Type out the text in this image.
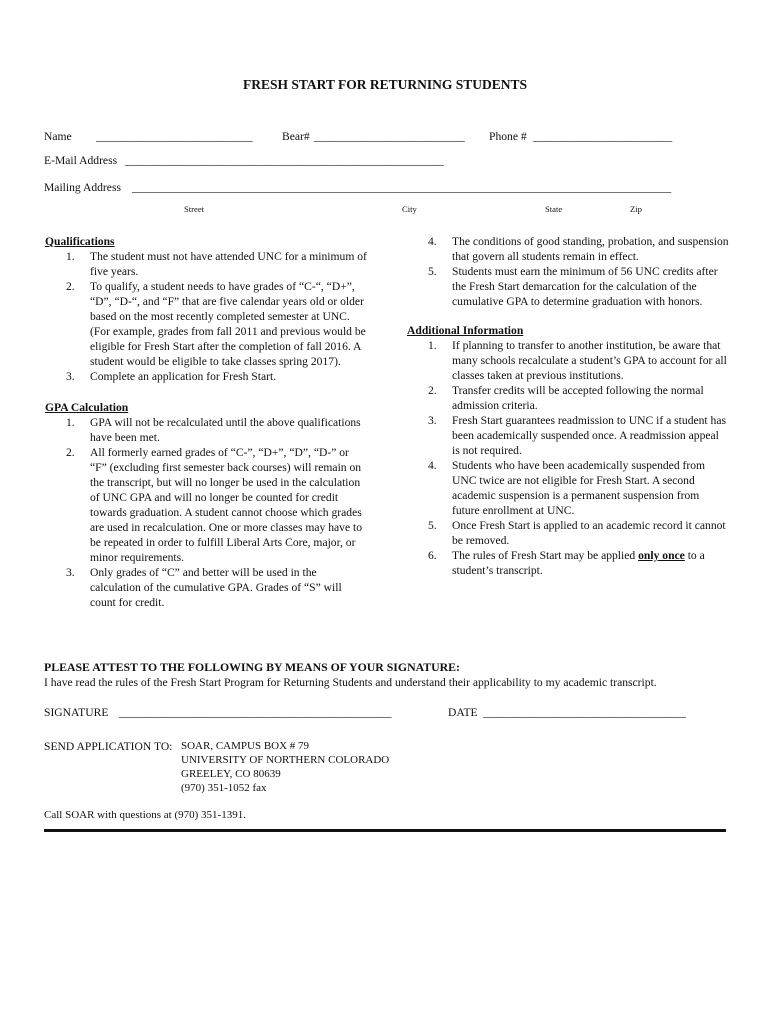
FRESH START FOR RETURNING STUDENTS
Name ___________________________	Bear# __________________________ Phone # ________________________
E-Mail Address _______________________________________________________
Mailing Address _____________________________________________________________________________________________
Street	City	State	Zip
Qualifications
1. The student must not have attended UNC for a minimum of five years.
2. To qualify, a student needs to have grades of “C-“, “D+”, “D”, “D-“, and “F” that are five calendar years old or older based on the most recently completed semester at UNC. (For example, grades from fall 2011 and previous would be eligible for Fresh Start after the completion of fall 2016. A student would be eligible to take classes spring 2017).
3. Complete an application for Fresh Start.
GPA Calculation
1. GPA will not be recalculated until the above qualifications have been met.
2. All formerly earned grades of “C-”, “D+”, “D”, “D-” or “F” (excluding first semester back courses) will remain on the transcript, but will no longer be used in the calculation of UNC GPA and will no longer be counted for credit towards graduation. A student cannot choose which grades are used in recalculation. One or more classes may have to be repeated in order to fulfill Liberal Arts Core, major, or minor requirements.
3. Only grades of “C” and better will be used in the calculation of the cumulative GPA. Grades of “S” will count for credit.
4. The conditions of good standing, probation, and suspension that govern all students remain in effect.
5. Students must earn the minimum of 56 UNC credits after the Fresh Start demarcation for the calculation of the cumulative GPA to determine graduation with honors.
Additional Information
1. If planning to transfer to another institution, be aware that many schools recalculate a student’s GPA to account for all classes taken at previous institutions.
2. Transfer credits will be accepted following the normal admission criteria.
3. Fresh Start guarantees readmission to UNC if a student has been academically suspended once. A readmission appeal is not required.
4. Students who have been academically suspended from UNC twice are not eligible for Fresh Start. A second academic suspension is a permanent suspension from future enrollment at UNC.
5. Once Fresh Start is applied to an academic record it cannot be removed.
6. The rules of Fresh Start may be applied only once to a student’s transcript.
PLEASE ATTEST TO THE FOLLOWING BY MEANS OF YOUR SIGNATURE:
I have read the rules of the Fresh Start Program for Returning Students and understand their applicability to my academic transcript.
SIGNATURE _______________________________________________	DATE ___________________________________
SEND APPLICATION TO: SOAR, CAMPUS BOX # 79
UNIVERSITY OF NORTHERN COLORADO
GREELEY, CO 80639
(970) 351-1052 fax
Call SOAR with questions at (970) 351-1391.
